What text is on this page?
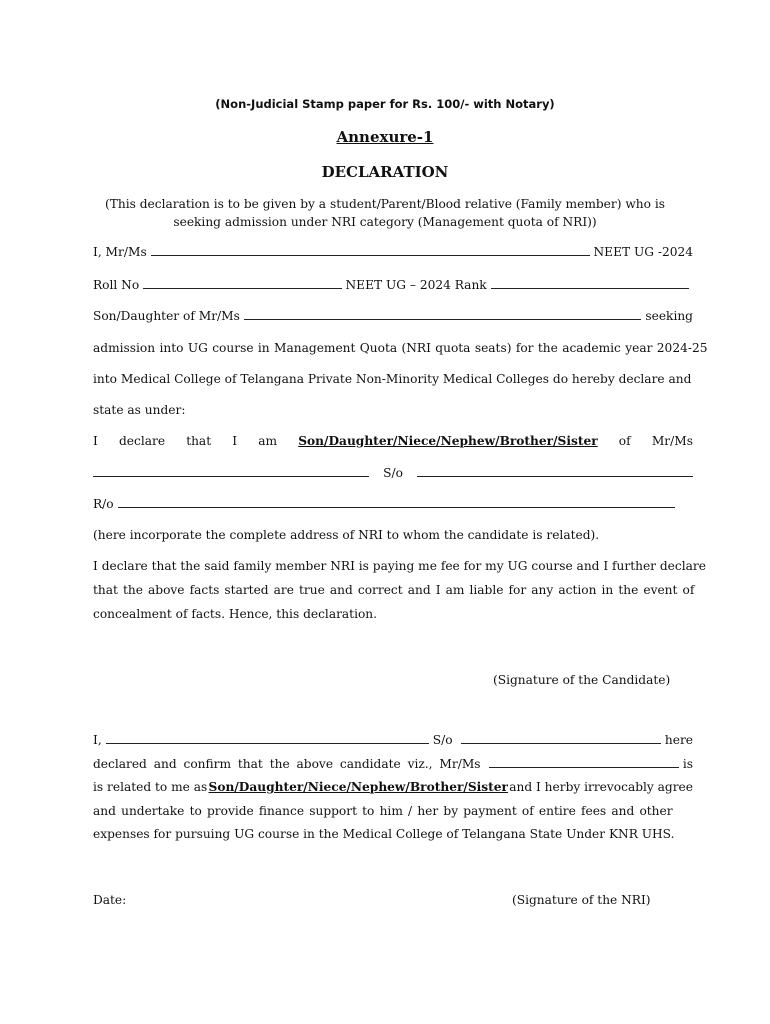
(Non-Judicial Stamp paper for Rs. 100/- with Notary)
Annexure-1
DECLARATION
(This declaration is to be given by a student/Parent/Blood relative (Family member) who is
seeking admission under NRI category (Management quota of NRI))
I, Mr/Ms	NEET UG -2024
Roll No	NEET UG – 2024 Rank
Son/Daughter of Mr/Ms	seeking
admission into UG course in Management Quota (NRI quota seats) for the academic year 2024-25
into Medical College of Telangana Private Non-Minority Medical Colleges do hereby declare and
state as under:
I declare that I am Son/Daughter/Niece/Nephew/Brother/Sister of Mr/Ms
S/o
R/o
(here incorporate the complete address of NRI to whom the candidate is related).
I declare that the said family member NRI is paying me fee for my UG course and I further declare
that the above facts started are true and correct and I am liable for any action in the event of
concealment of facts. Hence, this declaration.
(Signature of the Candidate)
I,	S/o	here
declared and confirm that the above candidate viz., Mr/Ms	is
is related to me as Son/Daughter/Niece/Nephew/Brother/Sister and I herby irrevocably agree
and undertake to provide finance support to him / her by payment of entire fees and other
expenses for pursuing UG course in the Medical College of Telangana State Under KNR UHS.
Date:	(Signature of the NRI)
